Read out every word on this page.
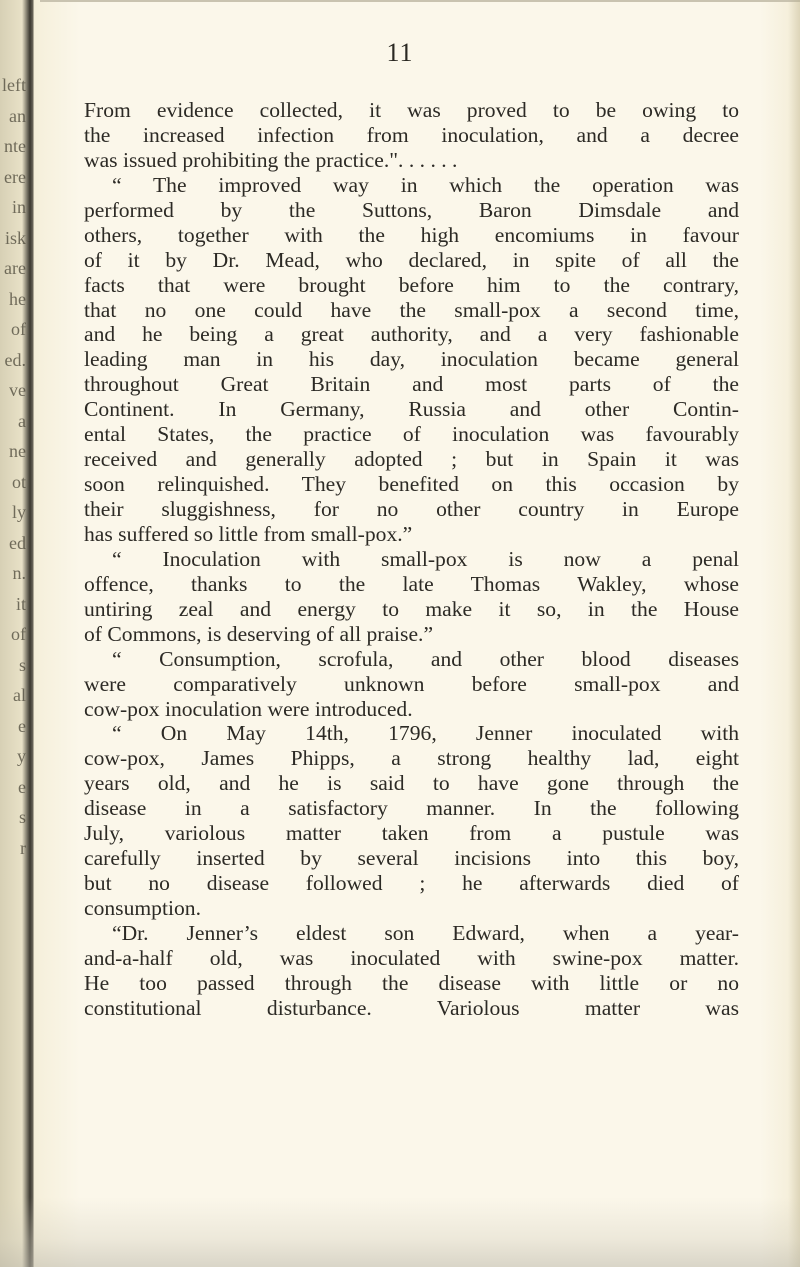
left
an
nte
ere
in
isk
are
he
of
ed.
ve
a
ne
ot
ly
ed
n.
it
of
s
al
e
y
e
s
r
11
From evidence collected, it was proved to be owing to
the increased infection from inoculation, and a decree
was issued prohibiting the practice.". . . . . .
“ The improved way in which the operation was
performed by the Suttons, Baron Dimsdale and
others, together with the high encomiums in favour
of it by Dr. Mead, who declared, in spite of all the
facts that were brought before him to the contrary,
that no one could have the small-pox a second time,
and he being a great authority, and a very fashionable
leading man in his day, inoculation became general
throughout Great Britain and most parts of the
Continent. In Germany, Russia and other Contin-
ental States, the practice of inoculation was favourably
received and generally adopted ; but in Spain it was
soon relinquished. They benefited on this occasion by
their sluggishness, for no other country in Europe
has suffered so little from small-pox.”
“ Inoculation with small-pox is now a penal
offence, thanks to the late Thomas Wakley, whose
untiring zeal and energy to make it so, in the House
of Commons, is deserving of all praise.”
“ Consumption, scrofula, and other blood diseases
were comparatively unknown before small-pox and
cow-pox inoculation were introduced.
“ On May 14th, 1796, Jenner inoculated with
cow-pox, James Phipps, a strong healthy lad, eight
years old, and he is said to have gone through the
disease in a satisfactory manner. In the following
July, variolous matter taken from a pustule was
carefully inserted by several incisions into this boy,
but no disease followed ; he afterwards died of
consumption.
“Dr. Jenner’s eldest son Edward, when a year-
and-a-half old, was inoculated with swine-pox matter.
He too passed through the disease with little or no
constitutional disturbance. Variolous matter was
